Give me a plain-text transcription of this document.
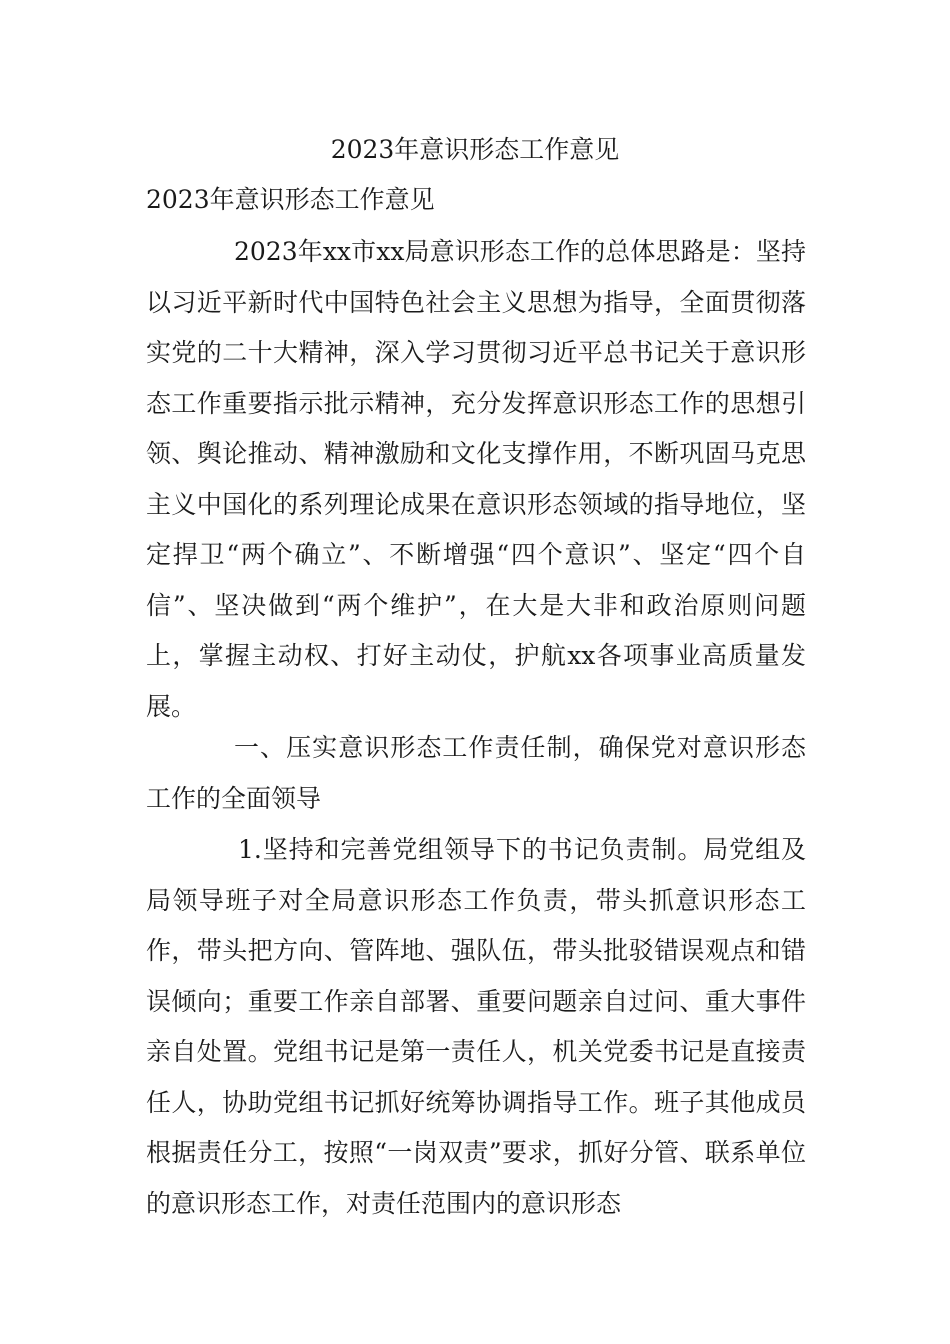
2023年意识形态工作意见
2023年意识形态工作意见

2023年xx市xx局意识形态工作的总体思路是：坚持以习近平新时代中国特色社会主义思想为指导，全面贯彻落实党的二十大精神，深入学习贯彻习近平总书记关于意识形态工作重要指示批示精神，充分发挥意识形态工作的思想引领、舆论推动、精神激励和文化支撑作用，不断巩固马克思主义中国化的系列理论成果在意识形态领域的指导地位，坚定捍卫“两个确立”、不断增强“四个意识”、坚定“四个自信”、坚决做到“两个维护”，在大是大非和政治原则问题上，掌握主动权、打好主动仗，护航xx各项事业高质量发展。

一、压实意识形态工作责任制，确保党对意识形态工作的全面领导

1.坚持和完善党组领导下的书记负责制。局党组及局领导班子对全局意识形态工作负责，带头抓意识形态工作，带头把方向、管阵地、强队伍，带头批驳错误观点和错误倾向；重要工作亲自部署、重要问题亲自过问、重大事件亲自处置。党组书记是第一责任人，机关党委书记是直接责任人，协助党组书记抓好统筹协调指导工作。班子其他成员根据责任分工，按照“一岗双责”要求，抓好分管、联系单位的意识形态工作，对责任范围内的意识形态
